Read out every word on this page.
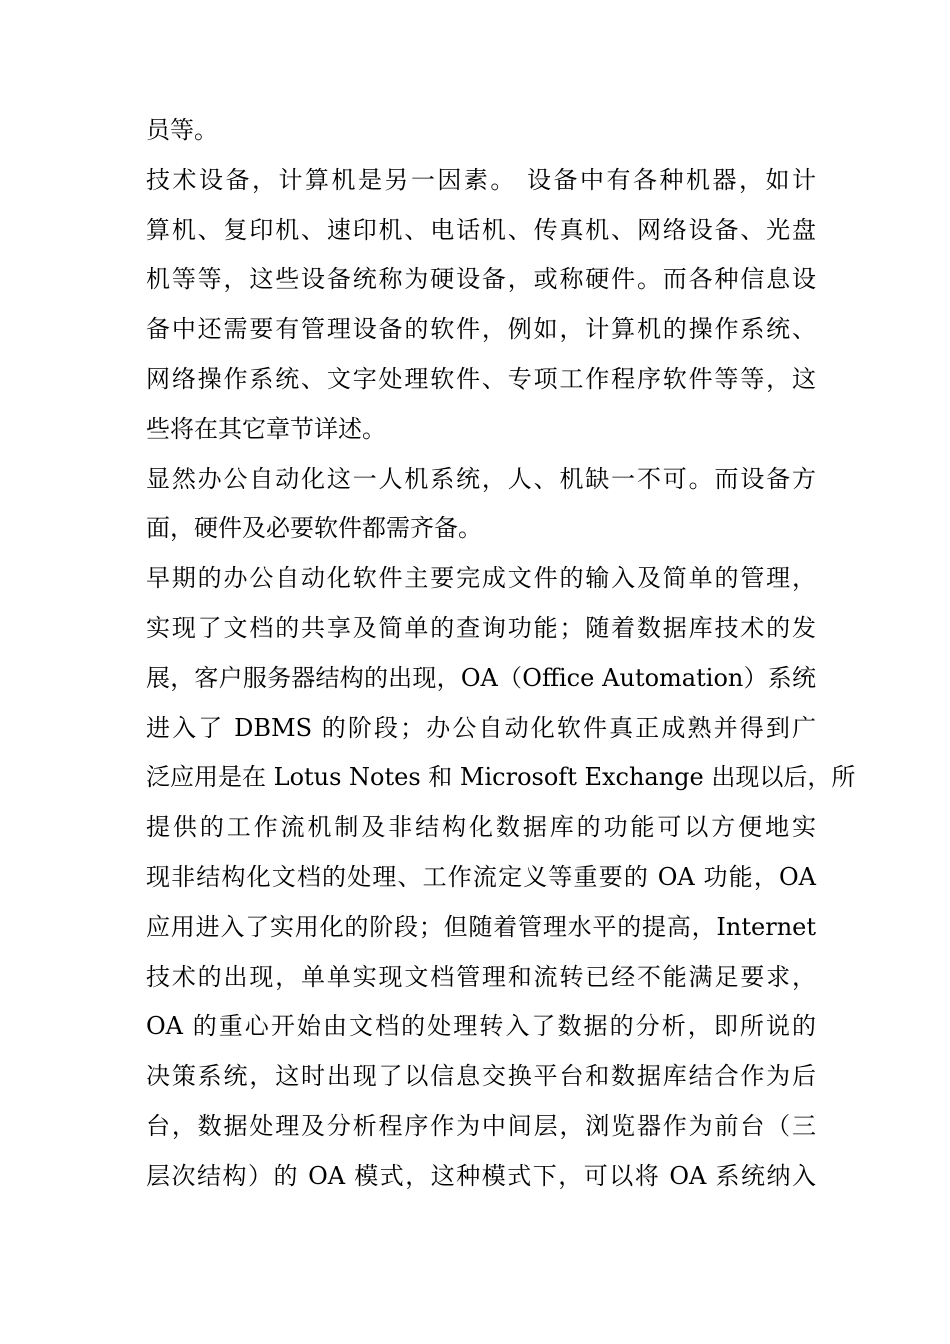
员等。
技术设备，计算机是另一因素。 设备中有各种机器，如计
算机、复印机、速印机、电话机、传真机、网络设备、光盘
机等等，这些设备统称为硬设备，或称硬件。而各种信息设
备中还需要有管理设备的软件，例如，计算机的操作系统、
网络操作系统、文字处理软件、专项工作程序软件等等，这
些将在其它章节详述。
显然办公自动化这一人机系统，人、机缺一不可。而设备方
面，硬件及必要软件都需齐备。
早期的办公自动化软件主要完成文件的输入及简单的管理，
实现了文档的共享及简单的查询功能；随着数据库技术的发
展，客户服务器结构的出现，OA（Office Automation）系统
进入了 DBMS 的阶段；办公自动化软件真正成熟并得到广
泛应用是在 Lotus Notes 和 Microsoft Exchange 出现以后，所
提供的工作流机制及非结构化数据库的功能可以方便地实
现非结构化文档的处理、工作流定义等重要的 OA 功能，OA
应用进入了实用化的阶段；但随着管理水平的提高，Internet
技术的出现，单单实现文档管理和流转已经不能满足要求，
OA 的重心开始由文档的处理转入了数据的分析，即所说的
决策系统，这时出现了以信息交换平台和数据库结合作为后
台，数据处理及分析程序作为中间层，浏览器作为前台（三
层次结构）的 OA 模式，这种模式下，可以将 OA 系统纳入
